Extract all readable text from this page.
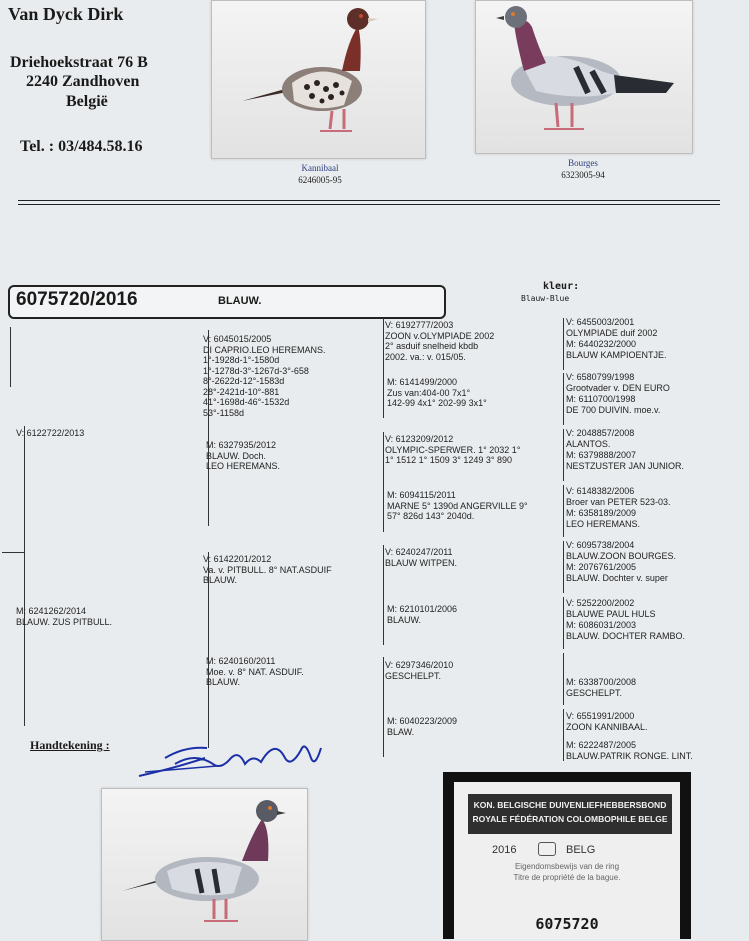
Van Dyck Dirk
Driehoekstraat 76 B
2240 Zandhoven
België
Tel. : 03/484.58.16
Kannibaal
6246005-95
Bourges
6323005-94
6075720/2016	BLAUW.
kleur:
Blauw-Blue
V: 6122722/2013
M: 6241262/2014
BLAUW. ZUS PITBULL.
V: 6045015/2005
DI CAPRIO.LEO HEREMANS.
1°-1928d-1°-1580d
1°-1278d-3°-1267d-3°-658
8°-2622d-12°-1583d
28°-2421d-10°-881
41°-1698d-46°-1532d
53°-1158d
M: 6327935/2012
BLAUW. Doch.
LEO HEREMANS.
V: 6142201/2012
Va. v. PITBULL. 8° NAT.ASDUIF
BLAUW.
M: 6240160/2011
Moe. v. 8° NAT. ASDUIF.
BLAUW.
V: 6192777/2003
ZOON v.OLYMPIADE 2002
2° asduif snelheid kbdb
2002. va.: v. 015/05.
M: 6141499/2000
Zus van:404-00 7x1°
142-99 4x1° 202-99 3x1°
V: 6123209/2012
OLYMPIC-SPERWER. 1° 2032 1°
1° 1512 1° 1509 3° 1249 3° 890
M: 6094115/2011
MARNE 5° 1390d ANGERVILLE 9°
57° 826d 143° 2040d.
V: 6240247/2011
BLAUW WITPEN.
M: 6210101/2006
BLAUW.
V: 6297346/2010
GESCHELPT.
M: 6040223/2009
BLAW.
V: 6455003/2001
OLYMPIADE duif 2002
M: 6440232/2000
BLAUW KAMPIOENTJE.
V: 6580799/1998
Grootvader v. DEN EURO
M: 6110700/1998
DE 700 DUIVIN. moe.v.
V: 2048857/2008
ALANTOS.
M: 6379888/2007
NESTZUSTER JAN JUNIOR.
V: 6148382/2006
Broer van PETER 523-03.
M: 6358189/2009
LEO HEREMANS.
V: 6095738/2004
BLAUW.ZOON BOURGES.
M: 2076761/2005
BLAUW. Dochter v. super
V: 5252200/2002
BLAUWE PAUL HULS
M: 6086031/2003
BLAUW. DOCHTER RAMBO.
M: 6338700/2008
GESCHELPT.
V: 6551991/2000
ZOON KANNIBAAL.
M: 6222487/2005
BLAUW.PATRIK RONGE. LINT.
Handtekening :
KON. BELGISCHE DUIVENLIEFHEBBERSBOND
ROYALE FÉDÉRATION COLOMBOPHILE BELGE
2016	BELG
Eigendomsbewijs van de ring
Titre de propriété de la bague.
6075720
